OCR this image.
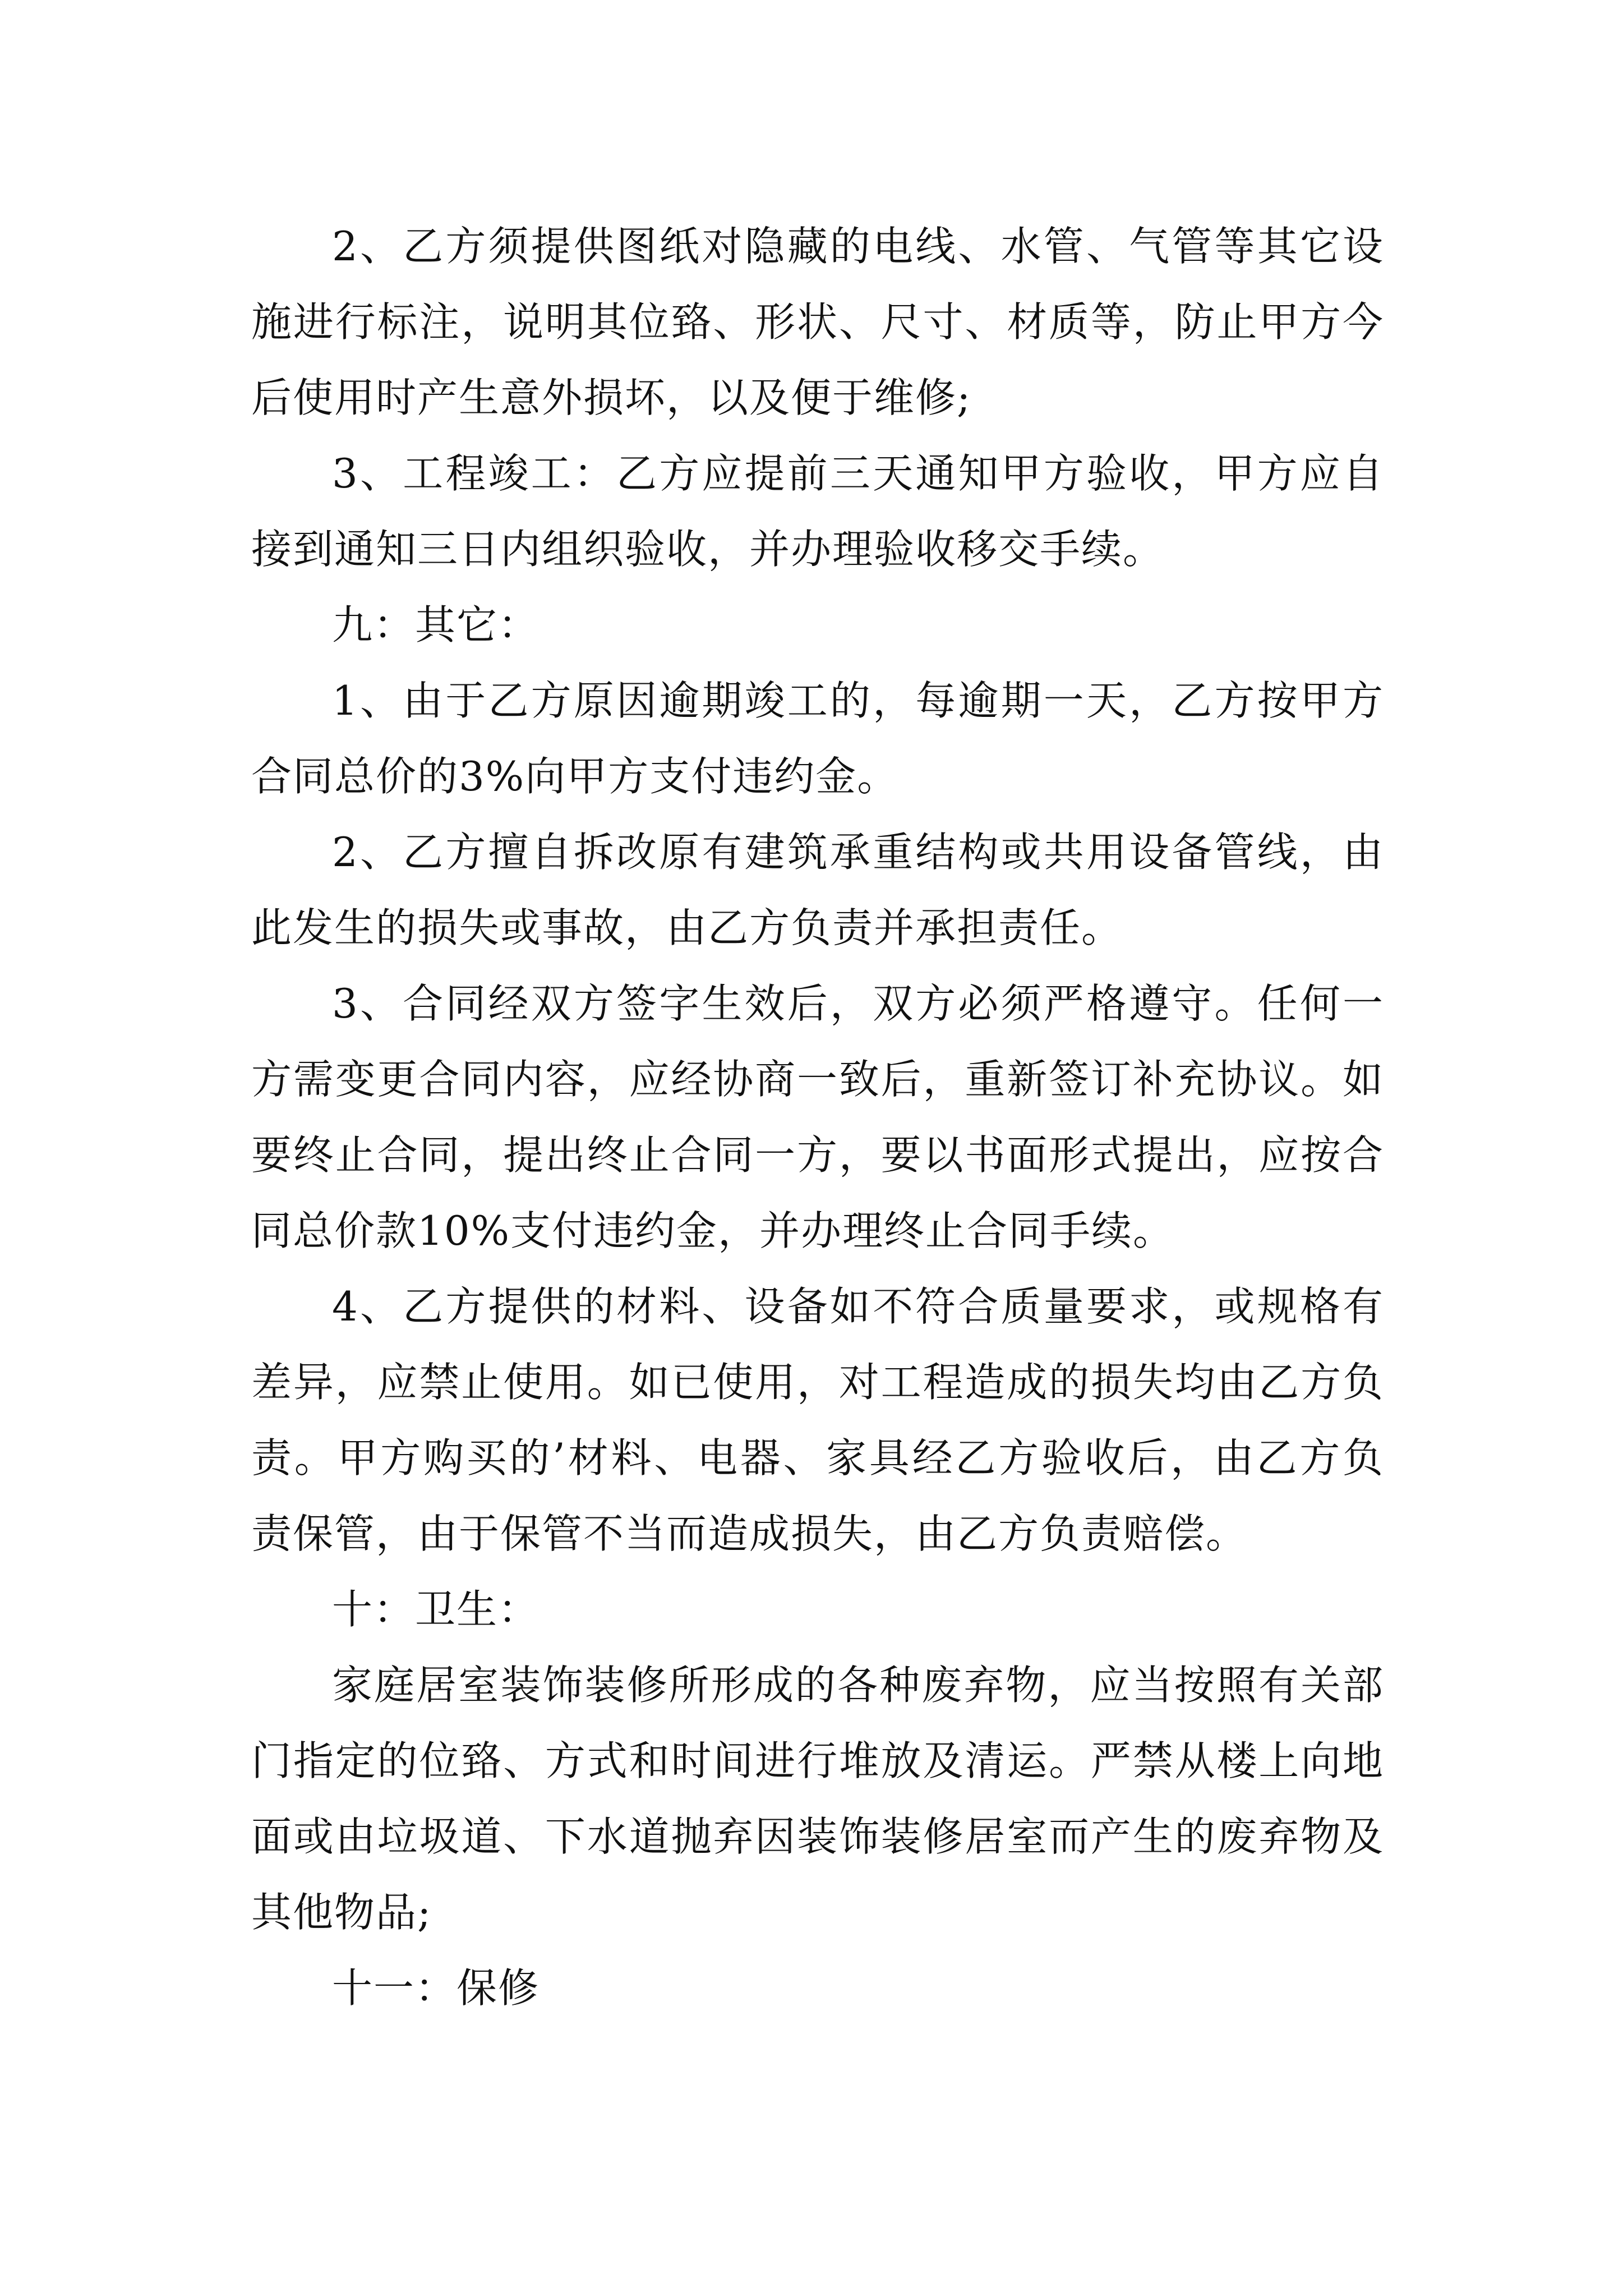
2、乙方须提供图纸对隐藏的电线、水管、气管等其它设施进行标注，说明其位臵、形状、尺寸、材质等，防止甲方今后使用时产生意外损坏，以及便于维修;

3、工程竣工：乙方应提前三天通知甲方验收，甲方应自接到通知三日内组织验收，并办理验收移交手续。

九：其它：

1、由于乙方原因逾期竣工的，每逾期一天，乙方按甲方合同总价的3%向甲方支付违约金。

2、乙方擅自拆改原有建筑承重结构或共用设备管线，由此发生的损失或事故，由乙方负责并承担责任。

3、合同经双方签字生效后，双方必须严格遵守。任何一方需变更合同内容，应经协商一致后，重新签订补充协议。如要终止合同，提出终止合同一方，要以书面形式提出，应按合同总价款10%支付违约金，并办理终止合同手续。

4、乙方提供的材料、设备如不符合质量要求，或规格有差异，应禁止使用。如已使用，对工程造成的损失均由乙方负责。甲方购买的’材料、电器、家具经乙方验收后，由乙方负责保管，由于保管不当而造成损失，由乙方负责赔偿。

十：卫生：

家庭居室装饰装修所形成的各种废弃物，应当按照有关部门指定的位臵、方式和时间进行堆放及清运。严禁从楼上向地面或由垃圾道、下水道抛弃因装饰装修居室而产生的废弃物及其他物品;

十一：保修
